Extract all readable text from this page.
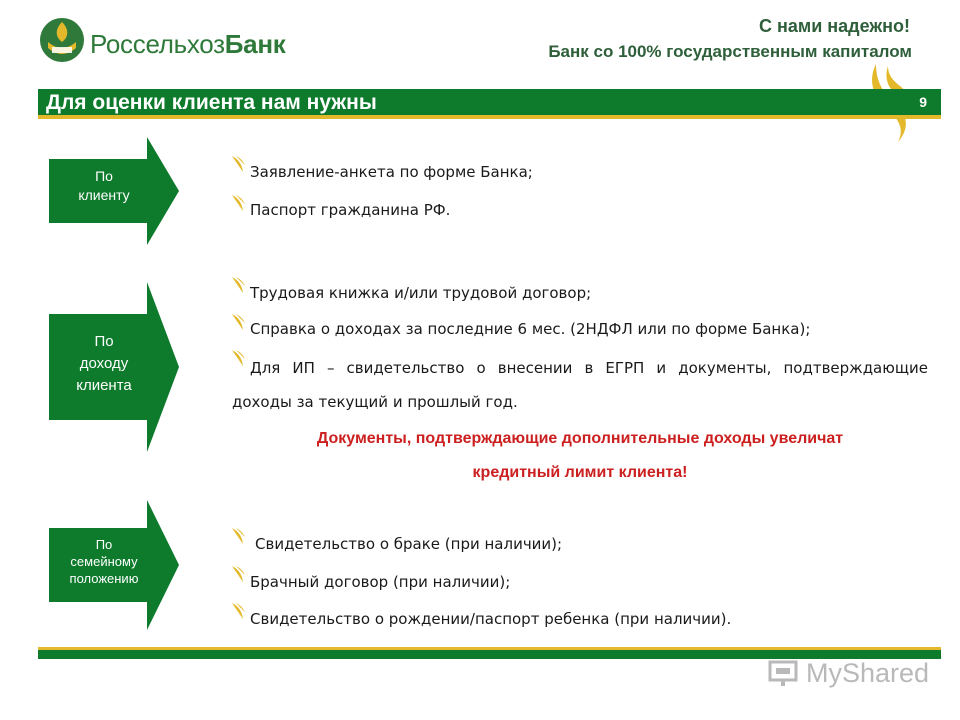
РоссельхозБанк
С нами надежно!
Банк со 100% государственным капиталом
Для оценки клиента нам нужны	9
По
клиенту
По
доходу
клиента
По
семейному
положению
Заявление-анкета по форме Банка;
Паспорт гражданина РФ.
Трудовая книжка и/или трудовой договор;
Справка о доходах за последние 6 мес. (2НДФЛ или по форме Банка);
Для ИП – свидетельство о внесении в ЕГРП и документы, подтверждающие
доходы за текущий и прошлый год.
Документы, подтверждающие дополнительные доходы увеличат
кредитный лимит клиента!
Свидетельство о браке (при наличии);
Брачный договор (при наличии);
Свидетельство о рождении/паспорт ребенка (при наличии).
MyShared
